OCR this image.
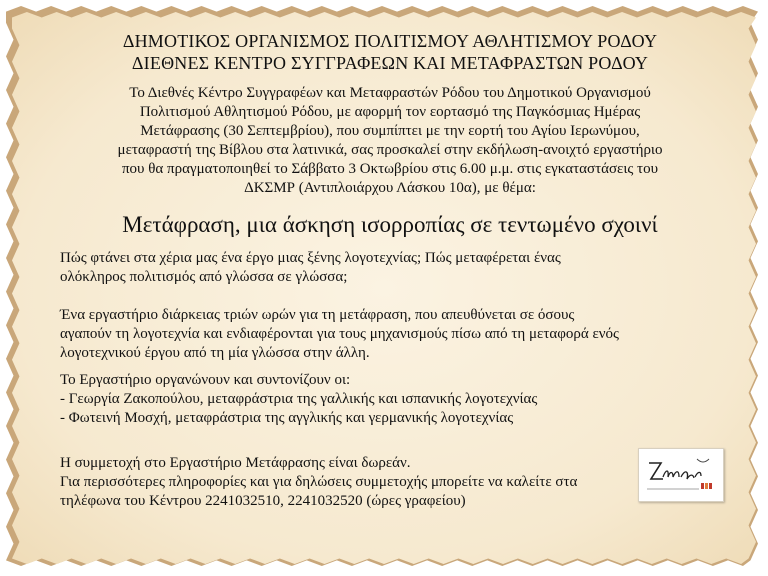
ΔΗΜΟΤΙΚΟΣ ΟΡΓΑΝΙΣΜΟΣ ΠΟΛΙΤΙΣΜΟΥ ΑΘΛΗΤΙΣΜΟΥ ΡΟΔΟΥ
ΔΙΕΘΝΕΣ ΚΕΝΤΡΟ ΣΥΓΓΡΑΦΕΩΝ ΚΑΙ ΜΕΤΑΦΡΑΣΤΩΝ ΡΟΔΟΥ
Το Διεθνές Κέντρο Συγγραφέων και Μεταφραστών Ρόδου του Δημοτικού Οργανισμού
Πολιτισμού Αθλητισμού Ρόδου, με αφορμή τον εορτασμό της Παγκόσμιας Ημέρας
Μετάφρασης (30 Σεπτεμβρίου), που συμπίπτει με την εορτή του Αγίου Ιερωνύμου,
μεταφραστή της Βίβλου στα λατινικά, σας προσκαλεί στην εκδήλωση-ανοιχτό εργαστήριο
που θα πραγματοποιηθεί το Σάββατο 3 Οκτωβρίου στις 6.00 μ.μ. στις εγκαταστάσεις του
ΔΚΣΜΡ (Αντιπλοιάρχου Λάσκου 10α), με θέμα:
Μετάφραση, μια άσκηση ισορροπίας σε τεντωμένο σχοινί
Πώς φτάνει στα χέρια μας ένα έργο μιας ξένης λογοτεχνίας; Πώς μεταφέρεται ένας
ολόκληρος πολιτισμός από γλώσσα σε γλώσσα;
Ένα εργαστήριο διάρκειας τριών ωρών για τη μετάφραση, που απευθύνεται σε όσους
αγαπούν τη λογοτεχνία και ενδιαφέρονται για τους μηχανισμούς πίσω από τη μεταφορά ενός
λογοτεχνικού έργου από τη μία γλώσσα στην άλλη.
Το Εργαστήριο οργανώνουν και συντονίζουν οι:
- Γεωργία Ζακοπούλου, μεταφράστρια της γαλλικής και ισπανικής λογοτεχνίας
- Φωτεινή Μοσχή, μεταφράστρια της αγγλικής και γερμανικής λογοτεχνίας
Η συμμετοχή στο Εργαστήριο Μετάφρασης είναι δωρεάν.
Για περισσότερες πληροφορίες και για δηλώσεις συμμετοχής μπορείτε να καλείτε στα
τηλέφωνα του Κέντρου 2241032510, 2241032520 (ώρες γραφείου)
